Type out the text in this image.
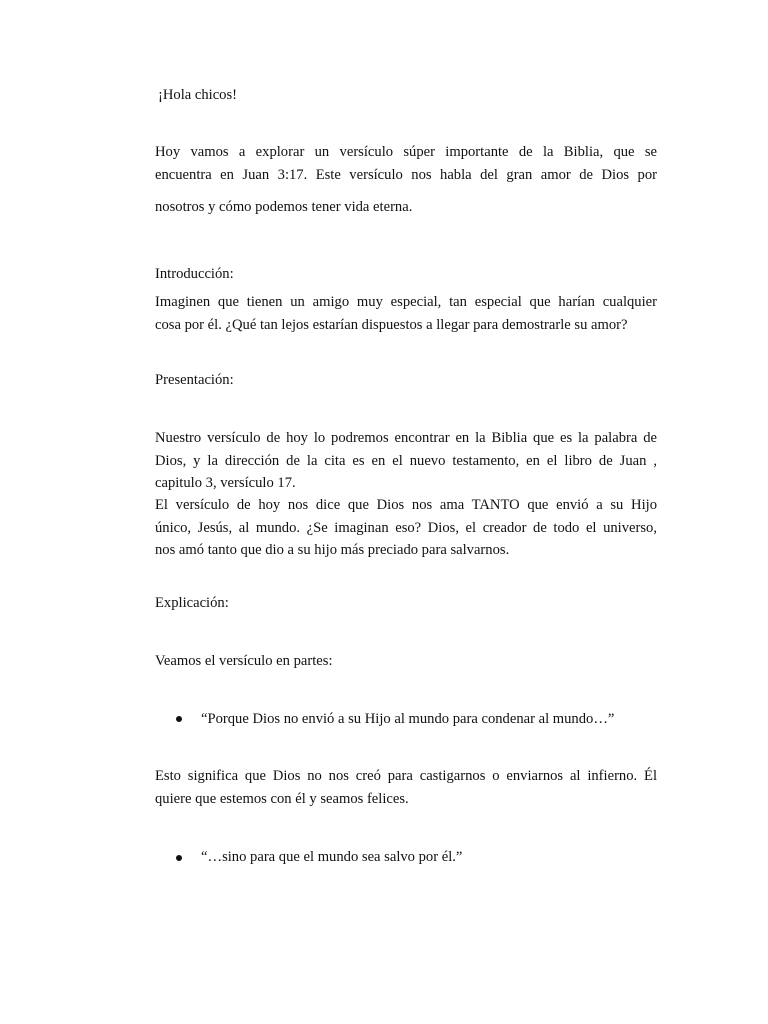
¡Hola chicos!
Hoy vamos a explorar un versículo súper importante de la Biblia, que se
encuentra en Juan 3:17. Este versículo nos habla del gran amor de Dios por
nosotros y cómo podemos tener vida eterna.
Introducción:
Imaginen que tienen un amigo muy especial, tan especial que harían cualquier
cosa por él. ¿Qué tan lejos estarían dispuestos a llegar para demostrarle su amor?
Presentación:
Nuestro versículo de hoy lo podremos encontrar en la Biblia que es la palabra de
Dios, y la dirección de la cita es en el nuevo testamento, en el libro de Juan ,
capitulo 3, versículo 17.
El versículo de hoy nos dice que Dios nos ama TANTO que envió a su Hijo
único, Jesús, al mundo. ¿Se imaginan eso? Dios, el creador de todo el universo,
nos amó tanto que dio a su hijo más preciado para salvarnos.
Explicación:
Veamos el versículo en partes:
“Porque Dios no envió a su Hijo al mundo para condenar al mundo…”
Esto significa que Dios no nos creó para castigarnos o enviarnos al infierno. Él
quiere que estemos con él y seamos felices.
“…sino para que el mundo sea salvo por él.”
